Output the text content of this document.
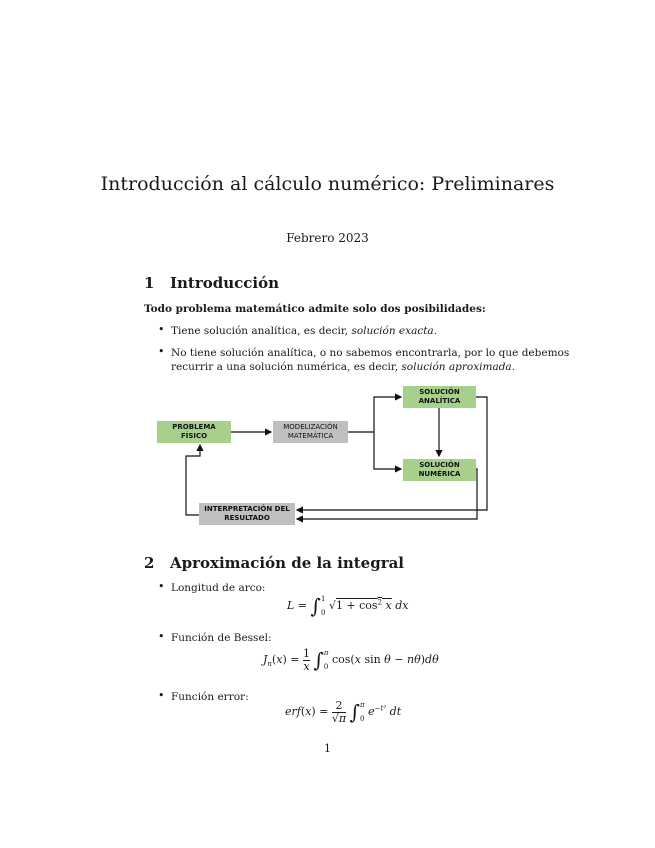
Introducción al cálculo numérico: Preliminares
Febrero 2023
1 Introducción
Todo problema matemático admite solo dos posibilidades:
• Tiene solución analítica, es decir, solución exacta.
• No tiene solución analítica, o no sabemos encontrarla, por lo que debemos
recurrir a una solución numérica, es decir, solución aproximada.
PROBLEMA
FÍSICO
MODELIZACIÓN
MATEMÁTICA
SOLUCIÓN
ANALÍTICA
SOLUCIÓN
NUMÉRICA
INTERPRETACIÓN DEL
RESULTADO
2 Aproximación de la integral
• Longitud de arco:
L = ∫ 1
0
$√1 + \cos^2 x$ dx
• Función de Bessel:
$J_n(x) = \frac{1}{x}$ ∫ π
0
cos(x sin θ − nθ)dθ
• Función error:
$erf(x) = \frac{2}{√\pi}$ ∫ π
0
$e^{-t^2}$ dt
1
